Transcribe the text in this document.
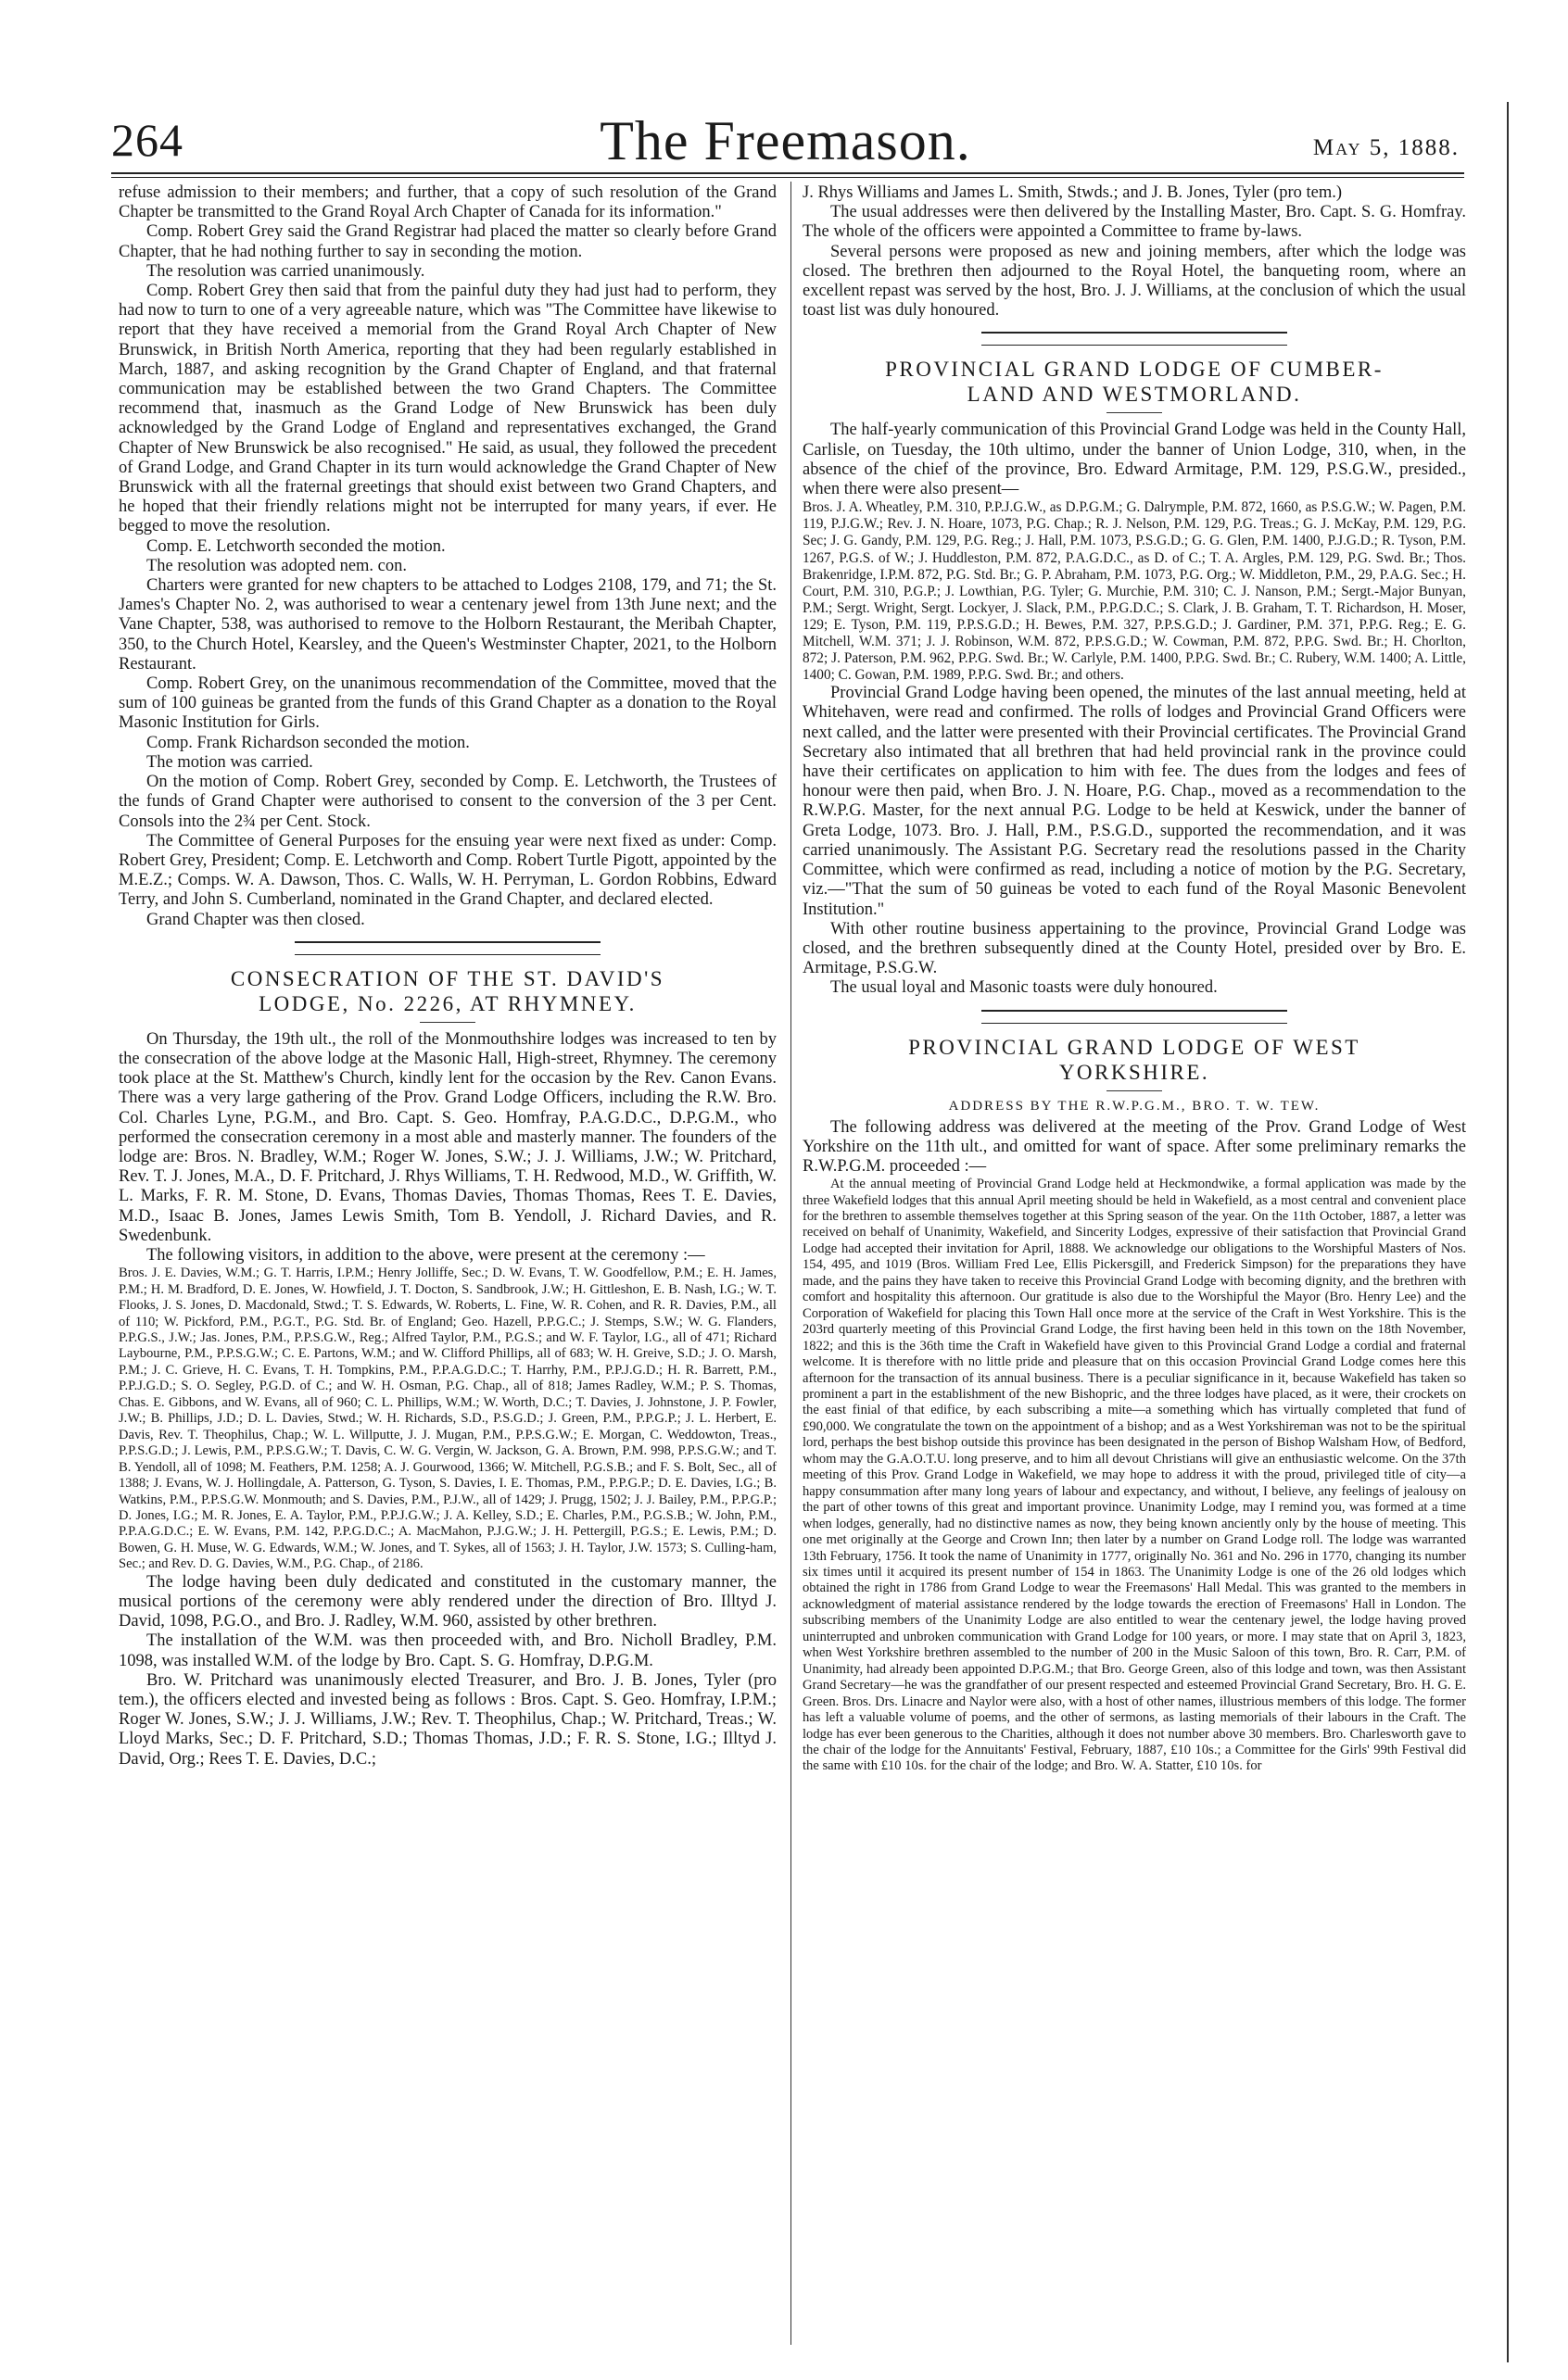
264	The Freemason.	May 5, 1888.

refuse admission to their members; and further, that a copy of such resolution of the Grand Chapter be transmitted to the Grand Royal Arch Chapter of Canada for its information."

Comp. Robert Grey said the Grand Registrar had placed the matter so clearly before Grand Chapter, that he had nothing further to say in seconding the motion.

The resolution was carried unanimously.

Comp. Robert Grey then said that from the painful duty they had just had to perform, they had now to turn to one of a very agreeable nature, which was "The Committee have likewise to report that they have received a memorial from the Grand Royal Arch Chapter of New Brunswick, in British North America, reporting that they had been regularly established in March, 1887, and asking recognition by the Grand Chapter of England, and that fraternal communication may be established between the two Grand Chapters. The Committee recommend that, inasmuch as the Grand Lodge of New Brunswick has been duly acknowledged by the Grand Lodge of England and representatives exchanged, the Grand Chapter of New Brunswick be also recognised." He said, as usual, they followed the precedent of Grand Lodge, and Grand Chapter in its turn would acknowledge the Grand Chapter of New Brunswick with all the fraternal greetings that should exist between two Grand Chapters, and he hoped that their friendly relations might not be interrupted for many years, if ever. He begged to move the resolution.

Comp. E. Letchworth seconded the motion.

The resolution was adopted nem. con.

Charters were granted for new chapters to be attached to Lodges 2108, 179, and 71; the St. James's Chapter No. 2, was authorised to wear a centenary jewel from 13th June next; and the Vane Chapter, 538, was authorised to remove to the Holborn Restaurant, the Meribah Chapter, 350, to the Church Hotel, Kearsley, and the Queen's Westminster Chapter, 2021, to the Holborn Restaurant.

Comp. Robert Grey, on the unanimous recommendation of the Committee, moved that the sum of 100 guineas be granted from the funds of this Grand Chapter as a donation to the Royal Masonic Institution for Girls.

Comp. Frank Richardson seconded the motion.

The motion was carried.

On the motion of Comp. Robert Grey, seconded by Comp. E. Letchworth, the Trustees of the funds of Grand Chapter were authorised to consent to the conversion of the 3 per Cent. Consols into the 2¾ per Cent. Stock.

The Committee of General Purposes for the ensuing year were next fixed as under: Comp. Robert Grey, President; Comp. E. Letchworth and Comp. Robert Turtle Pigott, appointed by the M.E.Z.; Comps. W. A. Dawson, Thos. C. Walls, W. H. Perryman, L. Gordon Robbins, Edward Terry, and John S. Cumberland, nominated in the Grand Chapter, and declared elected.

Grand Chapter was then closed.

CONSECRATION OF THE ST. DAVID'S

LODGE, No. 2226, AT RHYMNEY.

On Thursday, the 19th ult., the roll of the Monmouthshire lodges was increased to ten by the consecration of the above lodge at the Masonic Hall, High-street, Rhymney. The ceremony took place at the St. Matthew's Church, kindly lent for the occasion by the Rev. Canon Evans. There was a very large gathering of the Prov. Grand Lodge Officers, including the R.W. Bro. Col. Charles Lyne, P.G.M., and Bro. Capt. S. Geo. Homfray, P.A.G.D.C., D.P.G.M., who performed the consecration ceremony in a most able and masterly manner. The founders of the lodge are: Bros. N. Bradley, W.M.; Roger W. Jones, S.W.; J. J. Williams, J.W.; W. Pritchard, Rev. T. J. Jones, M.A., D. F. Pritchard, J. Rhys Williams, T. H. Redwood, M.D., W. Griffith, W. L. Marks, F. R. M. Stone, D. Evans, Thomas Davies, Thomas Thomas, Rees T. E. Davies, M.D., Isaac B. Jones, James Lewis Smith, Tom B. Yendoll, J. Richard Davies, and R. Swedenbunk.

The following visitors, in addition to the above, were present at the ceremony :—

Bros. J. E. Davies, W.M.; G. T. Harris, I.P.M.; Henry Jolliffe, Sec.; D. W. Evans, T. W. Goodfellow, P.M.; E. H. James, P.M.; H. M. Bradford, D. E. Jones, W. Howfield, J. T. Docton, S. Sandbrook, J.W.; H. Gittleshon, E. B. Nash, I.G.; W. T. Flooks, J. S. Jones, D. Macdonald, Stwd.; T. S. Edwards, W. Roberts, L. Fine, W. R. Cohen, and R. R. Davies, P.M., all of 110; W. Pickford, P.M., P.G.T., P.G. Std. Br. of England; Geo. Hazell, P.P.G.C.; J. Stemps, S.W.; W. G. Flanders, P.P.G.S., J.W.; Jas. Jones, P.M., P.P.S.G.W., Reg.; Alfred Taylor, P.M., P.G.S.; and W. F. Taylor, I.G., all of 471; Richard Laybourne, P.M., P.P.S.G.W.; C. E. Partons, W.M.; and W. Clifford Phillips, all of 683; W. H. Greive, S.D.; J. O. Marsh, P.M.; J. C. Grieve, H. C. Evans, T. H. Tompkins, P.M., P.P.A.G.D.C.; T. Harrhy, P.M., P.P.J.G.D.; H. R. Barrett, P.M., P.P.J.G.D.; S. O. Segley, P.G.D. of C.; and W. H. Osman, P.G. Chap., all of 818; James Radley, W.M.; P. S. Thomas, Chas. E. Gibbons, and W. Evans, all of 960; C. L. Phillips, W.M.; W. Worth, D.C.; T. Davies, J. Johnstone, J. P. Fowler, J.W.; B. Phillips, J.D.; D. L. Davies, Stwd.; W. H. Richards, S.D., P.S.G.D.; J. Green, P.M., P.P.G.P.; J. L. Herbert, E. Davis, Rev. T. Theophilus, Chap.; W. L. Willputte, J. J. Mugan, P.M., P.P.S.G.W.; E. Morgan, C. Weddowton, Treas., P.P.S.G.D.; J. Lewis, P.M., P.P.S.G.W.; T. Davis, C. W. G. Vergin, W. Jackson, G. A. Brown, P.M. 998, P.P.S.G.W.; and T. B. Yendoll, all of 1098; M. Feathers, P.M. 1258; A. J. Gourwood, 1366; W. Mitchell, P.G.S.B.; and F. S. Bolt, Sec., all of 1388; J. Evans, W. J. Hollingdale, A. Patterson, G. Tyson, S. Davies, I. E. Thomas, P.M., P.P.G.P.; D. E. Davies, I.G.; B. Watkins, P.M., P.P.S.G.W. Monmouth; and S. Davies, P.M., P.J.W., all of 1429; J. Prugg, 1502; J. J. Bailey, P.M., P.P.G.P.; D. Jones, I.G.; M. R. Jones, E. A. Taylor, P.M., P.P.J.G.W.; J. A. Kelley, S.D.; E. Charles, P.M., P.G.S.B.; W. John, P.M., P.P.A.G.D.C.; E. W. Evans, P.M. 142, P.P.G.D.C.; A. MacMahon, P.J.G.W.; J. H. Pettergill, P.G.S.; E. Lewis, P.M.; D. Bowen, G. H. Muse, W. G. Edwards, W.M.; W. Jones, and T. Sykes, all of 1563; J. H. Taylor, J.W. 1573; S. Culling-ham, Sec.; and Rev. D. G. Davies, W.M., P.G. Chap., of 2186.

The lodge having been duly dedicated and constituted in the customary manner, the musical portions of the ceremony were ably rendered under the direction of Bro. Illtyd J. David, 1098, P.G.O., and Bro. J. Radley, W.M. 960, assisted by other brethren.

The installation of the W.M. was then proceeded with, and Bro. Nicholl Bradley, P.M. 1098, was installed W.M. of the lodge by Bro. Capt. S. G. Homfray, D.P.G.M.

Bro. W. Pritchard was unanimously elected Treasurer, and Bro. J. B. Jones, Tyler (pro tem.), the officers elected and invested being as follows : Bros. Capt. S. Geo. Homfray, I.P.M.; Roger W. Jones, S.W.; J. J. Williams, J.W.; Rev. T. Theophilus, Chap.; W. Pritchard, Treas.; W. Lloyd Marks, Sec.; D. F. Pritchard, S.D.; Thomas Thomas, J.D.; F. R. S. Stone, I.G.; Illtyd J. David, Org.; Rees T. E. Davies, D.C.;

J. Rhys Williams and James L. Smith, Stwds.; and J. B. Jones, Tyler (pro tem.)

The usual addresses were then delivered by the Installing Master, Bro. Capt. S. G. Homfray. The whole of the officers were appointed a Committee to frame by-laws.

Several persons were proposed as new and joining members, after which the lodge was closed. The brethren then adjourned to the Royal Hotel, the banqueting room, where an excellent repast was served by the host, Bro. J. J. Williams, at the conclusion of which the usual toast list was duly honoured.

PROVINCIAL GRAND LODGE OF CUMBER-

LAND AND WESTMORLAND.

The half-yearly communication of this Provincial Grand Lodge was held in the County Hall, Carlisle, on Tuesday, the 10th ultimo, under the banner of Union Lodge, 310, when, in the absence of the chief of the province, Bro. Edward Armitage, P.M. 129, P.S.G.W., presided., when there were also present—

Bros. J. A. Wheatley, P.M. 310, P.P.J.G.W., as D.P.G.M.; G. Dalrymple, P.M. 872, 1660, as P.S.G.W.; W. Pagen, P.M. 119, P.J.G.W.; Rev. J. N. Hoare, 1073, P.G. Chap.; R. J. Nelson, P.M. 129, P.G. Treas.; G. J. McKay, P.M. 129, P.G. Sec; J. G. Gandy, P.M. 129, P.G. Reg.; J. Hall, P.M. 1073, P.S.G.D.; G. G. Glen, P.M. 1400, P.J.G.D.; R. Tyson, P.M. 1267, P.G.S. of W.; J. Huddleston, P.M. 872, P.A.G.D.C., as D. of C.; T. A. Argles, P.M. 129, P.G. Swd. Br.; Thos. Brakenridge, I.P.M. 872, P.G. Std. Br.; G. P. Abraham, P.M. 1073, P.G. Org.; W. Middleton, P.M., 29, P.A.G. Sec.; H. Court, P.M. 310, P.G.P.; J. Lowthian, P.G. Tyler; G. Murchie, P.M. 310; C. J. Nanson, P.M.; Sergt.-Major Bunyan, P.M.; Sergt. Wright, Sergt. Lockyer, J. Slack, P.M., P.P.G.D.C.; S. Clark, J. B. Graham, T. T. Richardson, H. Moser, 129; E. Tyson, P.M. 119, P.P.S.G.D.; H. Bewes, P.M. 327, P.P.S.G.D.; J. Gardiner, P.M. 371, P.P.G. Reg.; E. G. Mitchell, W.M. 371; J. J. Robinson, W.M. 872, P.P.S.G.D.; W. Cowman, P.M. 872, P.P.G. Swd. Br.; H. Chorlton, 872; J. Paterson, P.M. 962, P.P.G. Swd. Br.; W. Carlyle, P.M. 1400, P.P.G. Swd. Br.; C. Rubery, W.M. 1400; A. Little, 1400; C. Gowan, P.M. 1989, P.P.G. Swd. Br.; and others.

Provincial Grand Lodge having been opened, the minutes of the last annual meeting, held at Whitehaven, were read and confirmed. The rolls of lodges and Provincial Grand Officers were next called, and the latter were presented with their Provincial certificates. The Provincial Grand Secretary also intimated that all brethren that had held provincial rank in the province could have their certificates on application to him with fee. The dues from the lodges and fees of honour were then paid, when Bro. J. N. Hoare, P.G. Chap., moved as a recommendation to the R.W.P.G. Master, for the next annual P.G. Lodge to be held at Keswick, under the banner of Greta Lodge, 1073. Bro. J. Hall, P.M., P.S.G.D., supported the recommendation, and it was carried unanimously. The Assistant P.G. Secretary read the resolutions passed in the Charity Committee, which were confirmed as read, including a notice of motion by the P.G. Secretary, viz.—"That the sum of 50 guineas be voted to each fund of the Royal Masonic Benevolent Institution."

With other routine business appertaining to the province, Provincial Grand Lodge was closed, and the brethren subsequently dined at the County Hotel, presided over by Bro. E. Armitage, P.S.G.W.

The usual loyal and Masonic toasts were duly honoured.

PROVINCIAL GRAND LODGE OF WEST

YORKSHIRE.

ADDRESS BY THE R.W.P.G.M., BRO. T. W. TEW.

The following address was delivered at the meeting of the Prov. Grand Lodge of West Yorkshire on the 11th ult., and omitted for want of space. After some preliminary remarks the R.W.P.G.M. proceeded :—

At the annual meeting of Provincial Grand Lodge held at Heckmondwike, a formal application was made by the three Wakefield lodges that this annual April meeting should be held in Wakefield, as a most central and convenient place for the brethren to assemble themselves together at this Spring season of the year. On the 11th October, 1887, a letter was received on behalf of Unanimity, Wakefield, and Sincerity Lodges, expressive of their satisfaction that Provincial Grand Lodge had accepted their invitation for April, 1888. We acknowledge our obligations to the Worshipful Masters of Nos. 154, 495, and 1019 (Bros. William Fred Lee, Ellis Pickersgill, and Frederick Simpson) for the preparations they have made, and the pains they have taken to receive this Provincial Grand Lodge with becoming dignity, and the brethren with comfort and hospitality this afternoon. Our gratitude is also due to the Worshipful the Mayor (Bro. Henry Lee) and the Corporation of Wakefield for placing this Town Hall once more at the service of the Craft in West Yorkshire. This is the 203rd quarterly meeting of this Provincial Grand Lodge, the first having been held in this town on the 18th November, 1822; and this is the 36th time the Craft in Wakefield have given to this Provincial Grand Lodge a cordial and fraternal welcome. It is therefore with no little pride and pleasure that on this occasion Provincial Grand Lodge comes here this afternoon for the transaction of its annual business. There is a peculiar significance in it, because Wakefield has taken so prominent a part in the establishment of the new Bishopric, and the three lodges have placed, as it were, their crockets on the east finial of that edifice, by each subscribing a mite—a something which has virtually completed that fund of £90,000. We congratulate the town on the appointment of a bishop; and as a West Yorkshireman was not to be the spiritual lord, perhaps the best bishop outside this province has been designated in the person of Bishop Walsham How, of Bedford, whom may the G.A.O.T.U. long preserve, and to him all devout Christians will give an enthusiastic welcome. On the 37th meeting of this Prov. Grand Lodge in Wakefield, we may hope to address it with the proud, privileged title of city—a happy consummation after many long years of labour and expectancy, and without, I believe, any feelings of jealousy on the part of other towns of this great and important province. Unanimity Lodge, may I remind you, was formed at a time when lodges, generally, had no distinctive names as now, they being known anciently only by the house of meeting. This one met originally at the George and Crown Inn; then later by a number on Grand Lodge roll. The lodge was warranted 13th February, 1756. It took the name of Unanimity in 1777, originally No. 361 and No. 296 in 1770, changing its number six times until it acquired its present number of 154 in 1863. The Unanimity Lodge is one of the 26 old lodges which obtained the right in 1786 from Grand Lodge to wear the Freemasons' Hall Medal. This was granted to the members in acknowledgment of material assistance rendered by the lodge towards the erection of Freemasons' Hall in London. The subscribing members of the Unanimity Lodge are also entitled to wear the centenary jewel, the lodge having proved uninterrupted and unbroken communication with Grand Lodge for 100 years, or more. I may state that on April 3, 1823, when West Yorkshire brethren assembled to the number of 200 in the Music Saloon of this town, Bro. R. Carr, P.M. of Unanimity, had already been appointed D.P.G.M.; that Bro. George Green, also of this lodge and town, was then Assistant Grand Secretary—he was the grandfather of our present respected and esteemed Provincial Grand Secretary, Bro. H. G. E. Green. Bros. Drs. Linacre and Naylor were also, with a host of other names, illustrious members of this lodge. The former has left a valuable volume of poems, and the other of sermons, as lasting memorials of their labours in the Craft. The lodge has ever been generous to the Charities, although it does not number above 30 members. Bro. Charlesworth gave to the chair of the lodge for the Annuitants' Festival, February, 1887, £10 10s.; a Committee for the Girls' 99th Festival did the same with £10 10s. for the chair of the lodge; and Bro. W. A. Statter, £10 10s. for
